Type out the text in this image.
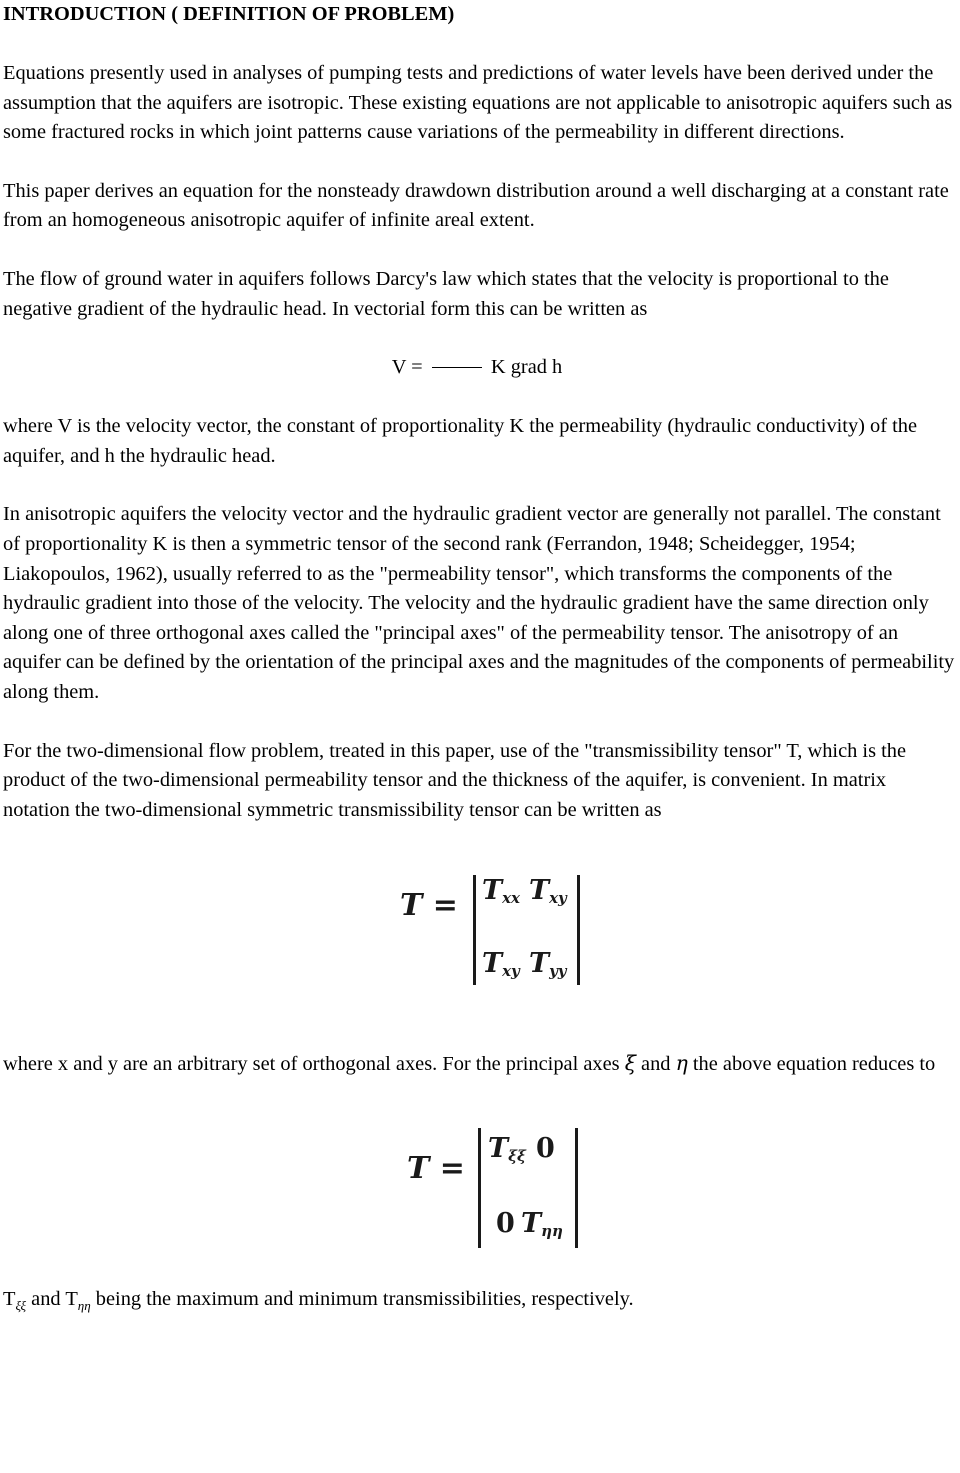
INTRODUCTION ( DEFINITION OF PROBLEM)

Equations presently used in analyses of pumping tests and predictions of water levels have been derived under the assumption that the aquifers are isotropic. These existing equations are not applicable to anisotropic aquifers such as some fractured rocks in which joint patterns cause variations of the permeability in different directions.

This paper derives an equation for the nonsteady drawdown distribution around a well discharging at a constant rate from an homogeneous anisotropic aquifer of infinite areal extent.

The flow of ground water in aquifers follows Darcy's law which states that the velocity is proportional to the negative gradient of the hydraulic head. In vectorial form this can be written as

V =	K grad h

where V is the velocity vector, the constant of proportionality K the permeability (hydraulic conductivity) of the aquifer, and h the hydraulic head.

In anisotropic aquifers the velocity vector and the hydraulic gradient vector are generally not parallel. The constant of proportionality K is then a symmetric tensor of the second rank (Ferrandon, 1948; Scheidegger, 1954; Liakopoulos, 1962), usually referred to as the "permeability tensor", which transforms the components of the hydraulic gradient into those of the velocity. The velocity and the hydraulic gradient have the same direction only along one of three orthogonal axes called the "principal axes" of the permeability tensor. The anisotropy of an aquifer can be defined by the orientation of the principal axes and the magnitudes of the components of permeability along them.

For the two-dimensional flow problem, treated in this paper, use of the "transmissibility tensor" T, which is the product of the two-dimensional permeability tensor and the thickness of the aquifer, is convenient. In matrix notation the two-dimensional symmetric transmissibility tensor can be written as

$T = T_{xx}$ $T_{xy}$
$T_{xy}$ $T_{yy}$

where x and y are an arbitrary set of orthogonal axes. For the principal axes ξ and η the above equation reduces to

T =
$T_{\xi\xi}$ 0
0 $T_{\eta\eta}$

$T_{\xi\xi}$ and $T_{\eta\eta}$ being the maximum and minimum transmissibilities, respectively.
